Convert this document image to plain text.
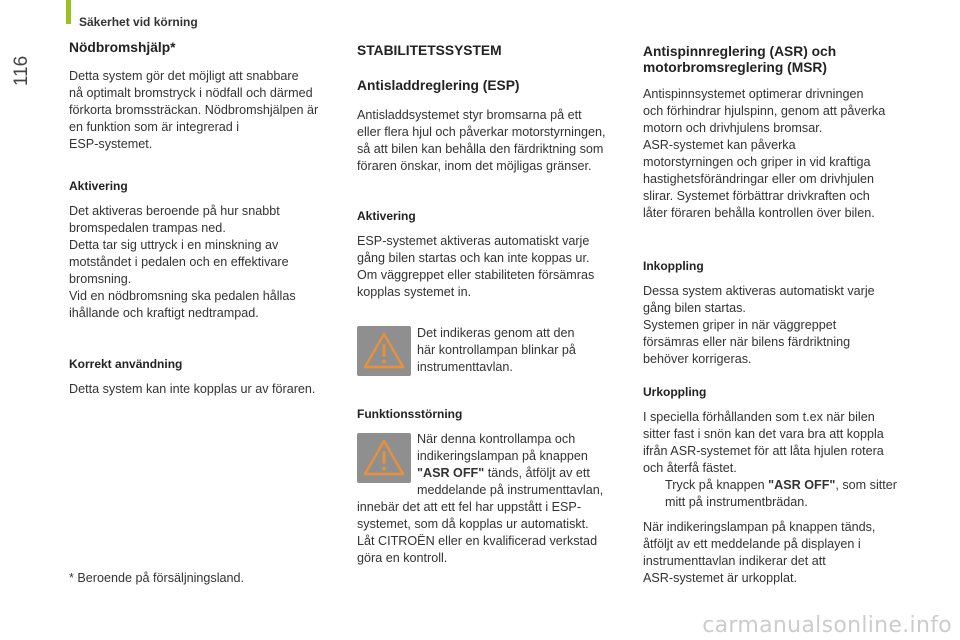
Säkerhet vid körning
116
Nödbromshjälp*

Detta system gör det möjligt att snabbare
nå optimalt bromstryck i nödfall och därmed
förkorta bromssträckan. Nödbromshjälpen är
en funktion som är integrerad i
ESP-systemet.

Aktivering

Det aktiveras beroende på hur snabbt
bromspedalen trampas ned.
Detta tar sig uttryck i en minskning av
motståndet i pedalen och en effektivare
bromsning.
Vid en nödbromsning ska pedalen hållas
ihållande och kraftigt nedtrampad.

Korrekt användning

Detta system kan inte kopplas ur av föraren.

* Beroende på försäljningsland.
STABILITETSSYSTEM
Antisladdreglering (ESP)

Antisladdsystemet styr bromsarna på ett
eller flera hjul och påverkar motorstyrningen,
så att bilen kan behålla den färdriktning som
föraren önskar, inom det möjligas gränser.

Aktivering

ESP-systemet aktiveras automatiskt varje
gång bilen startas och kan inte koppas ur.
Om väggreppet eller stabiliteten försämras
kopplas systemet in.

Det indikeras genom att den
här kontrollampan blinkar på
instrumenttavlan.

Funktionsstörning

När denna kontrollampa och
indikeringslampan på knappen
"ASR OFF" tänds, åtföljt av ett
meddelande på instrumenttavlan,

innebär det att ett fel har uppstått i ESP-
systemet, som då kopplas ur automatiskt.
Låt CITROËN eller en kvalificerad verkstad
göra en kontroll.

Antispinnreglering (ASR) och
motorbromsreglering (MSR)

Antispinnsystemet optimerar drivningen
och förhindrar hjulspinn, genom att påverka
motorn och drivhjulens bromsar.
ASR-systemet kan påverka
motorstyrningen och griper in vid kraftiga
hastighetsförändringar eller om drivhjulen
slirar. Systemet förbättrar drivkraften och
låter föraren behålla kontrollen över bilen.

Inkoppling

Dessa system aktiveras automatiskt varje
gång bilen startas.
Systemen griper in när väggreppet
försämras eller när bilens färdriktning
behöver korrigeras.

Urkoppling

I speciella förhållanden som t.ex när bilen
sitter fast i snön kan det vara bra att koppla
ifrån ASR-systemet för att låta hjulen rotera
och återfå fästet.

Tryck på knappen "ASR OFF", som sitter
mitt på instrumentbrädan.

När indikeringslampan på knappen tänds,
åtföljt av ett meddelande på displayen i
instrumenttavlan indikerar det att
ASR-systemet är urkopplat.

carmanualsonline.info
